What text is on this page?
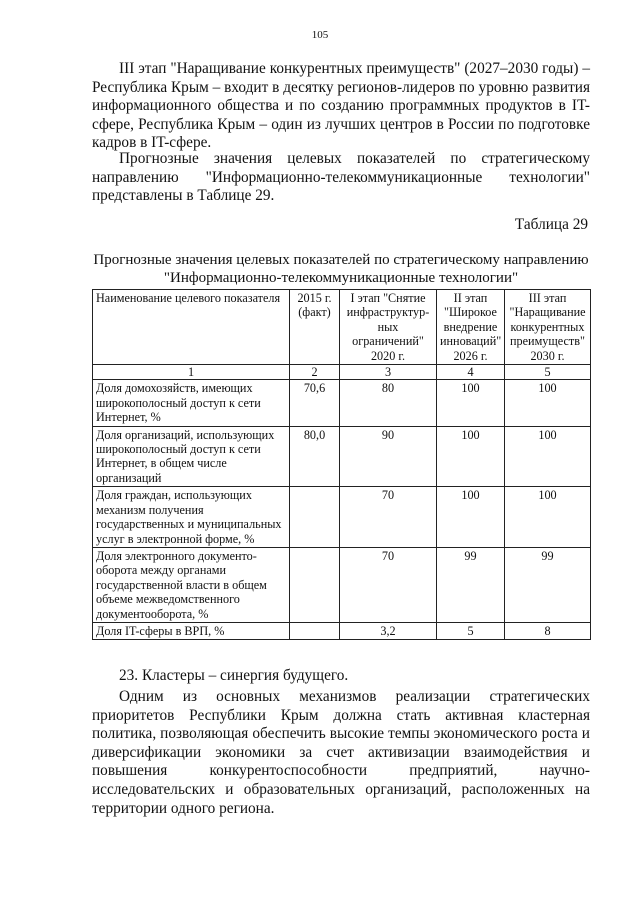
105

III этап "Наращивание конкурентных преимуществ" (2027–2030 годы) – Республика Крым – входит в десятку регионов-лидеров по уровню развития информационного общества и по созданию программных продуктов в IT-сфере, Республика Крым – один из лучших центров в России по подготовке кадров в IT-сфере.

Прогнозные значения целевых показателей по стратегическому направлению "Информационно-телекоммуникационные технологии" представлены в Таблице 29.

Таблица 29
Прогнозные значения целевых показателей по стратегическому направлению
"Информационно-телекоммуникационные технологии"
Наименование целевого показателя	2015 г. (факт)	I этап "Снятие инфраструктур-ных ограничений" 2020 г.	II этап "Широкое внедрение инноваций" 2026 г.	III этап "Наращивание конкурентных преимуществ" 2030 г.
1	2	3	4	5
Доля домохозяйств, имеющих широкополосный доступ к сети Интернет, %	70,6	80	100	100
Доля организаций, использующих широкополосный доступ к сети Интернет, в общем числе организаций	80,0	90	100	100
Доля граждан, использующих механизм получения государственных и муниципальных услуг в электронной форме, %		70	100	100
Доля электронного документо-оборота между органами государственной власти в общем объеме межведомственного документооборота, %		70	99	99
Доля IT-сферы в ВРП, %		3,2	5	8

23. Кластеры – синергия будущего.

Одним из основных механизмов реализации стратегических приоритетов Республики Крым должна стать активная кластерная политика, позволяющая обеспечить высокие темпы экономического роста и диверсификации экономики за счет активизации взаимодействия и повышения конкурентоспособности предприятий, научно-исследовательских и образовательных организаций, расположенных на территории одного региона.
